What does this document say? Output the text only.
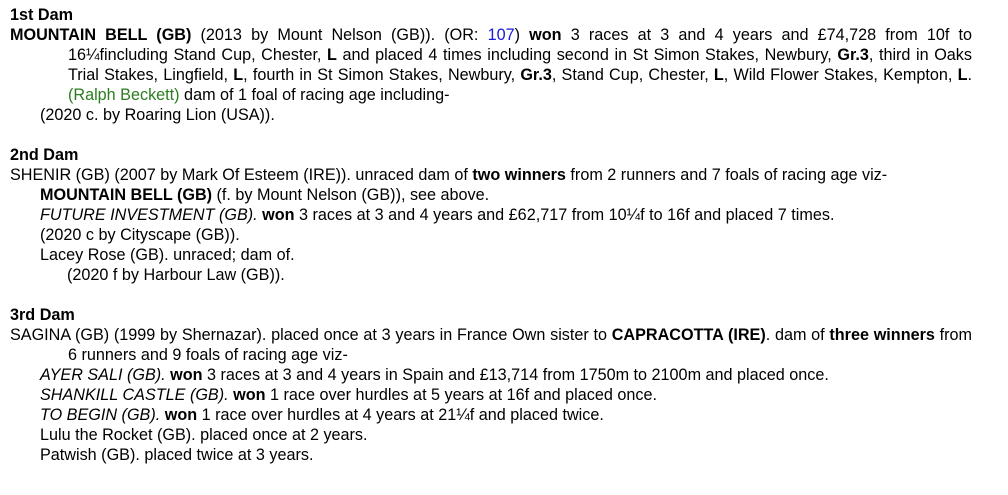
1st Dam
MOUNTAIN BELL (GB) (2013 by Mount Nelson (GB)). (OR: 107) won 3 races at 3 and 4 years and £74,728 from 10f to 16¼fincluding Stand Cup, Chester, L and placed 4 times including second in St Simon Stakes, Newbury, Gr.3, third in Oaks Trial Stakes, Lingfield, L, fourth in St Simon Stakes, Newbury, Gr.3, Stand Cup, Chester, L, Wild Flower Stakes, Kempton, L. (Ralph Beckett) dam of 1 foal of racing age including-
(2020 c. by Roaring Lion (USA)).
2nd Dam
SHENIR (GB) (2007 by Mark Of Esteem (IRE)). unraced dam of two winners from 2 runners and 7 foals of racing age viz-
MOUNTAIN BELL (GB) (f. by Mount Nelson (GB)), see above.
FUTURE INVESTMENT (GB). won 3 races at 3 and 4 years and £62,717 from 10¼f to 16f and placed 7 times.
(2020 c by Cityscape (GB)).
Lacey Rose (GB). unraced; dam of.
(2020 f by Harbour Law (GB)).
3rd Dam
SAGINA (GB) (1999 by Shernazar). placed once at 3 years in France Own sister to CAPRACOTTA (IRE). dam of three winners from 6 runners and 9 foals of racing age viz-
AYER SALI (GB). won 3 races at 3 and 4 years in Spain and £13,714 from 1750m to 2100m and placed once.
SHANKILL CASTLE (GB). won 1 race over hurdles at 5 years at 16f and placed once.
TO BEGIN (GB). won 1 race over hurdles at 4 years at 21¼f and placed twice.
Lulu the Rocket (GB). placed once at 2 years.
Patwish (GB). placed twice at 3 years.
